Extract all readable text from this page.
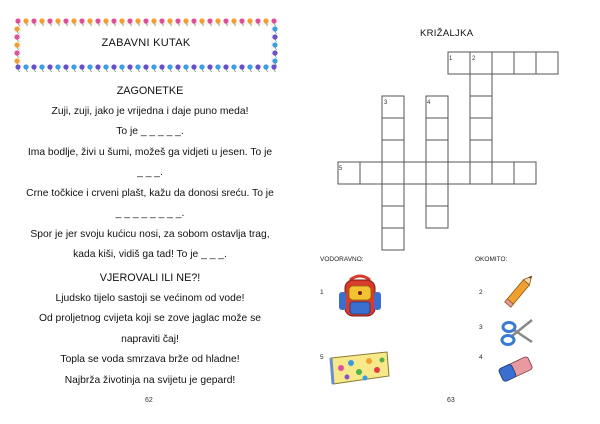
ZABAVNI KUTAK
ZAGONETKE
Zuji, zuji, jako je vrijedna i daje puno meda!
To je _ _ _ _ _.
Ima bodlje, živi u šumi, možeš ga vidjeti u jesen. To je
_ _ _.
Crne točkice i crveni plašt, kažu da donosi sreću. To je
_ _ _ _ _ _ _ _.
Spor je jer svoju kućicu nosi, za sobom ostavlja trag,
kada kiši, vidiš ga tad! To je _ _ _.
VJEROVALI ILI NE?!
Ljudsko tijelo sastoji se većinom od vode!
Od proljetnog cvijeta koji se zove jaglac može se
napraviti čaj!
Topla se voda smrzava brže od hladne!
Najbrža životinja na svijetu je gepard!
62
KRIŽALJKA
1	2
3	4
5
VODORAVNO:	OKOMITO:
1
5
2
3
4
63
